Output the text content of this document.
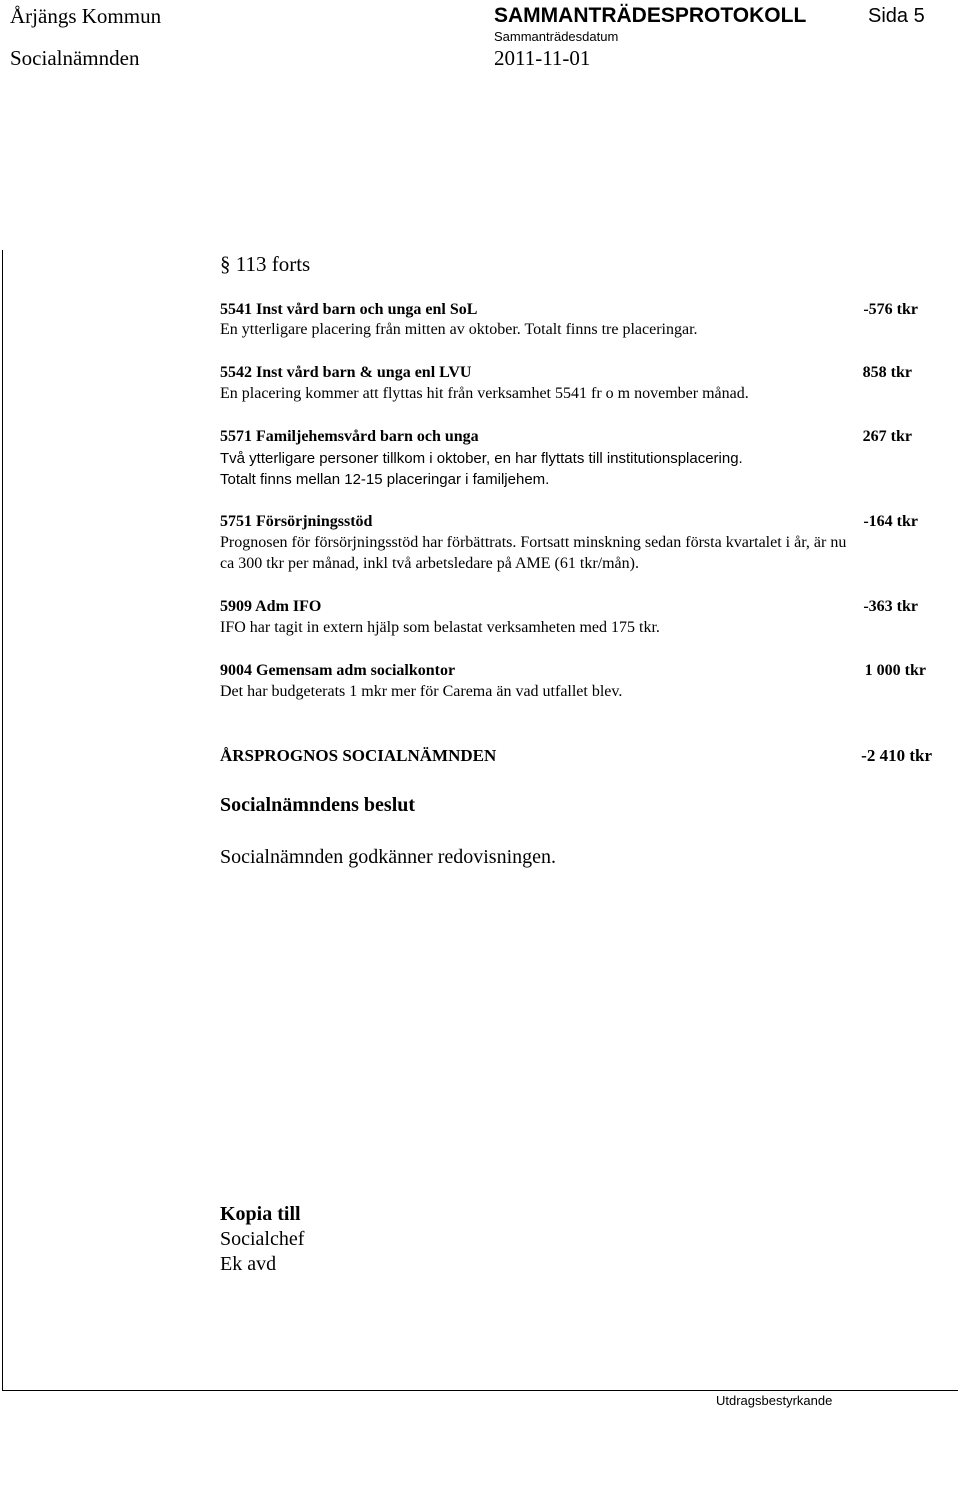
Årjängs Kommun	SAMMANTRÄDESPROTOKOLL	Sida 5
Socialnämnden
Sammanträdesdatum
2011-11-01
§ 113 forts
5541 Inst vård barn och unga enl SoL	-576 tkr
En ytterligare placering från mitten av oktober. Totalt finns tre placeringar.
5542 Inst vård barn & unga enl LVU	858 tkr
En placering kommer att flyttas hit från verksamhet 5541 fr o m november månad.
5571 Familjehemsvård barn och unga	267 tkr
Två ytterligare personer tillkom i oktober, en har flyttats till institutionsplacering.
Totalt finns mellan 12-15 placeringar i familjehem.
5751 Försörjningsstöd	-164 tkr
Prognosen för försörjningsstöd har förbättrats. Fortsatt minskning sedan första kvartalet i år, är nu
ca 300 tkr per månad, inkl två arbetsledare på AME (61 tkr/mån).
5909 Adm IFO	-363 tkr
IFO har tagit in extern hjälp som belastat verksamheten med 175 tkr.
9004 Gemensam adm socialkontor	1 000 tkr
Det har budgeterats 1 mkr mer för Carema än vad utfallet blev.
ÅRSPROGNOS SOCIALNÄMNDEN	-2 410 tkr
Socialnämndens beslut
Socialnämnden godkänner redovisningen.
Kopia till
Socialchef
Ek avd
Utdragsbestyrkande
